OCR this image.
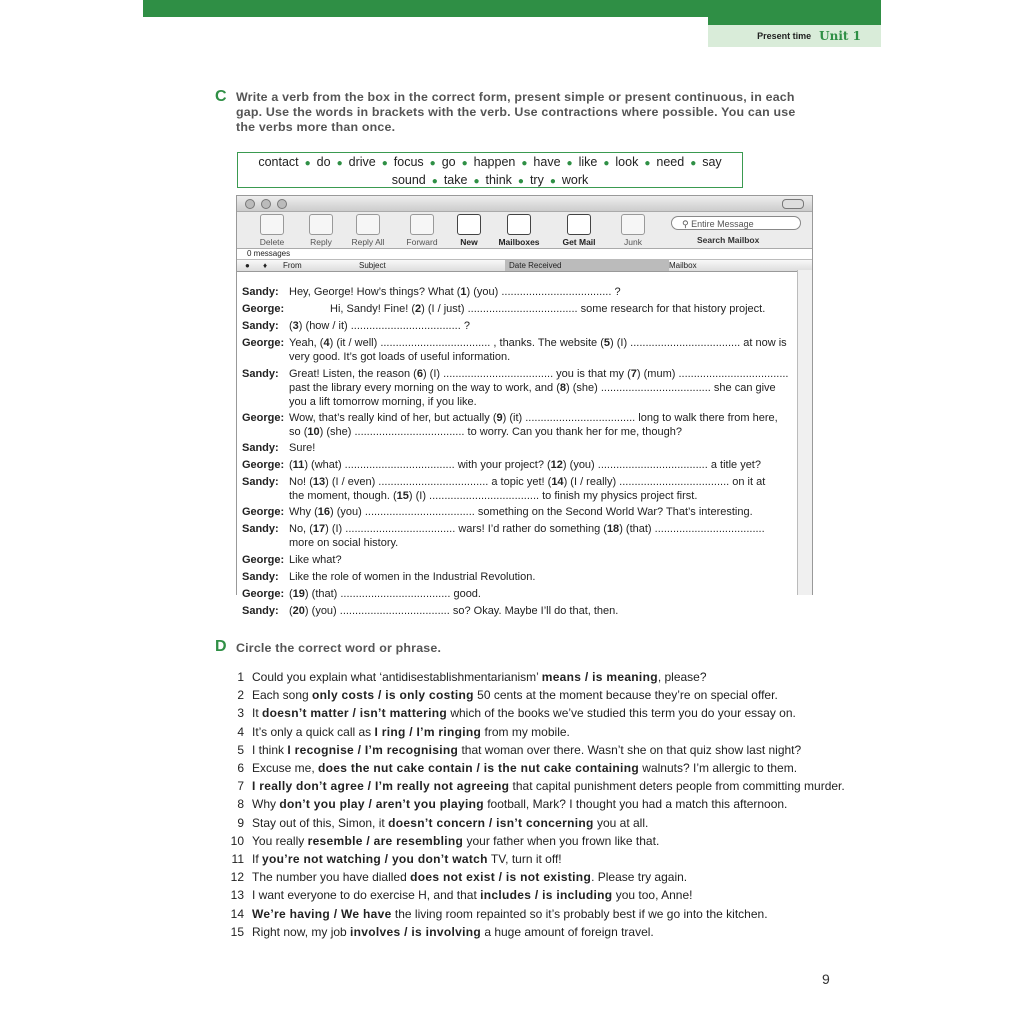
Present time Unit 1
C Write a verb from the box in the correct form, present simple or present continuous, in each
gap. Use the words in brackets with the verb. Use contractions where possible. You can use
the verbs more than once.
contact ● do ● drive ● focus ● go ● happen ● have ● like ● look ● need ● say
sound ● take ● think ● try ● work
Delete	Reply	Reply All	Forward	New	Mailboxes	Get Mail	Junk
⚲ Entire Message
Search Mailbox
0 messages
● ♦ From	Subject	Date Received	Mailbox
Sandy: Hey, George! How’s things? What (1) (you) .................................... ?
George:	Hi, Sandy! Fine! (2) (I / just) .................................... some research for that history project.
Sandy: (3) (how / it) .................................... ?
George: Yeah, (4) (it / well) .................................... , thanks. The website (5) (I) .................................... at now is
very good. It’s got loads of useful information.
Sandy: Great! Listen, the reason (6) (I) .................................... you is that my (7) (mum) ....................................
past the library every morning on the way to work, and (8) (she) .................................... she can give
you a lift tomorrow morning, if you like.
George: Wow, that’s really kind of her, but actually (9) (it) .................................... long to walk there from here,
so (10) (she) .................................... to worry. Can you thank her for me, though?
Sandy: Sure!
George: (11) (what) .................................... with your project? (12) (you) .................................... a title yet?
Sandy: No! (13) (I / even) .................................... a topic yet! (14) (I / really) .................................... on it at
the moment, though. (15) (I) .................................... to finish my physics project first.
George: Why (16) (you) .................................... something on the Second World War? That’s interesting.
Sandy: No, (17) (I) .................................... wars! I’d rather do something (18) (that) ....................................
more on social history.
George: Like what?
Sandy: Like the role of women in the Industrial Revolution.
George: (19) (that) .................................... good.
Sandy: (20) (you) .................................... so? Okay. Maybe I’ll do that, then.
D Circle the correct word or phrase.
1 Could you explain what ‘antidisestablishmentarianism’ means / is meaning, please?
2 Each song only costs / is only costing 50 cents at the moment because they’re on special offer.
3 It doesn’t matter / isn’t mattering which of the books we’ve studied this term you do your essay on.
4 It’s only a quick call as I ring / I’m ringing from my mobile.
5 I think I recognise / I’m recognising that woman over there. Wasn’t she on that quiz show last night?
6 Excuse me, does the nut cake contain / is the nut cake containing walnuts? I’m allergic to them.
7 I really don’t agree / I’m really not agreeing that capital punishment deters people from committing murder.
8 Why don’t you play / aren’t you playing football, Mark? I thought you had a match this afternoon.
9 Stay out of this, Simon, it doesn’t concern / isn’t concerning you at all.
10 You really resemble / are resembling your father when you frown like that.
11 If you’re not watching / you don’t watch TV, turn it off!
12 The number you have dialled does not exist / is not existing. Please try again.
13 I want everyone to do exercise H, and that includes / is including you too, Anne!
14 We’re having / We have the living room repainted so it’s probably best if we go into the kitchen.
15 Right now, my job involves / is involving a huge amount of foreign travel.
9
